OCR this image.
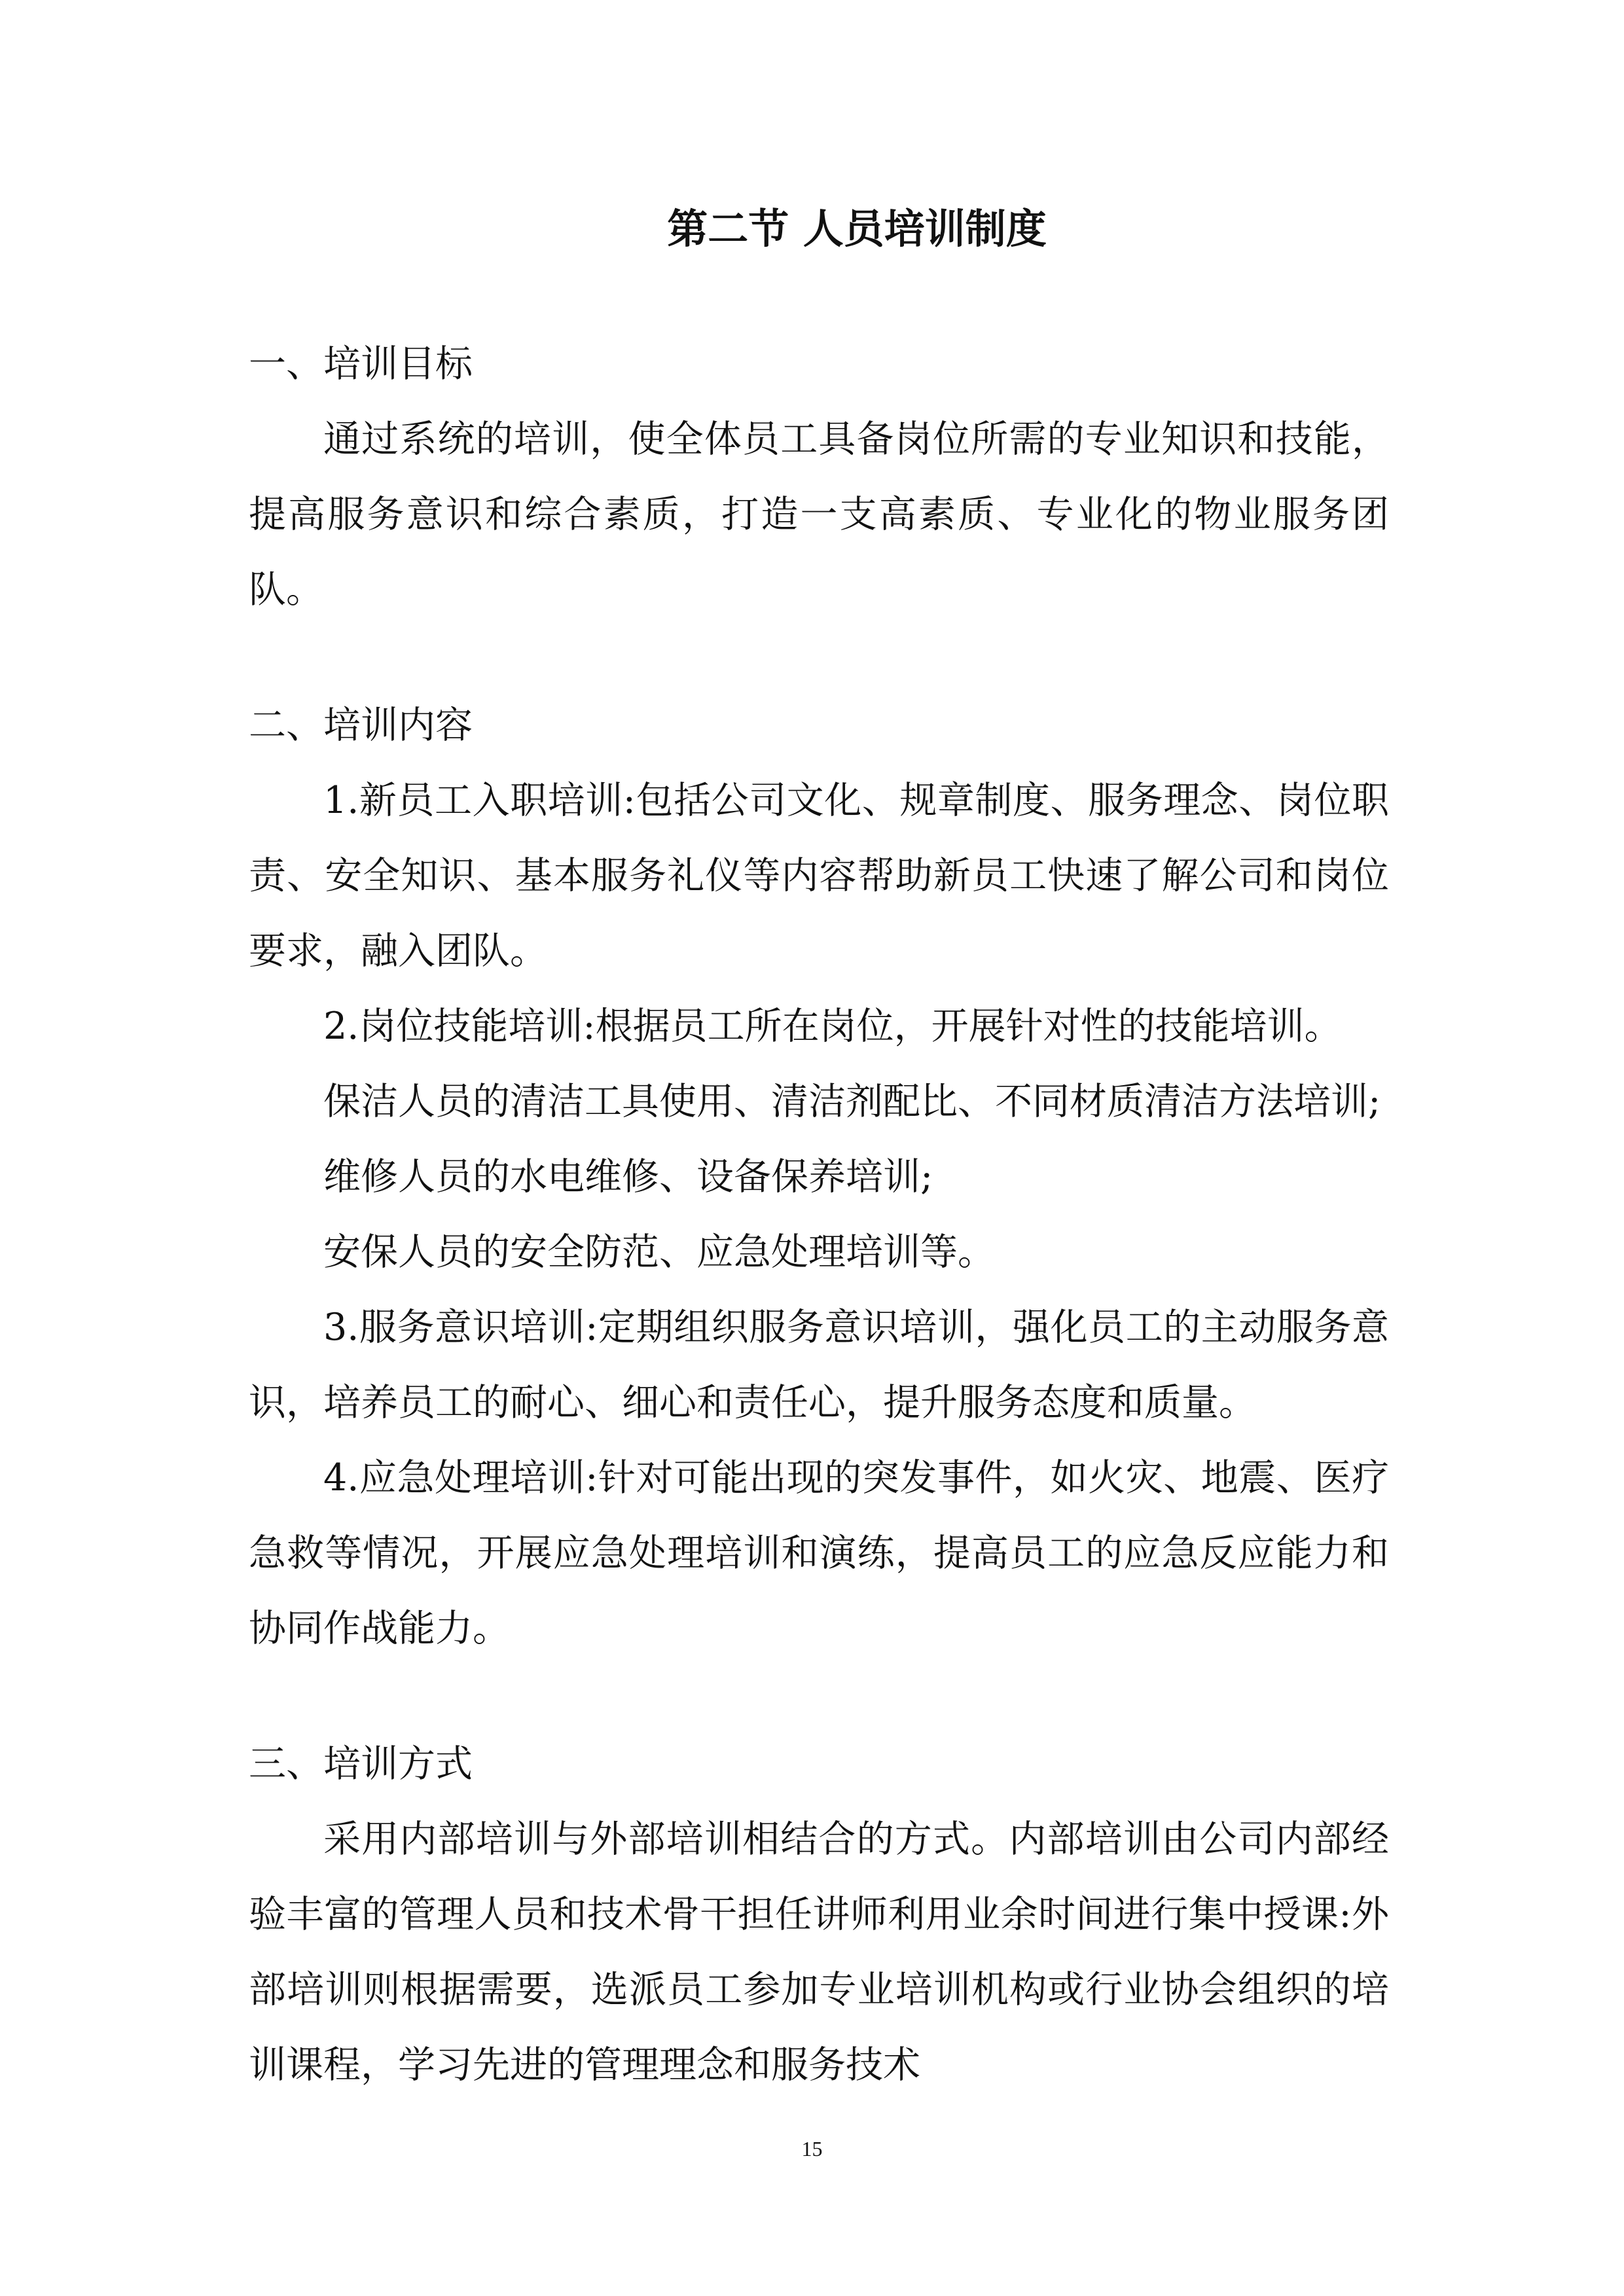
第二节 人员培训制度
一、培训目标

通过系统的培训，使全体员工具备岗位所需的专业知识和技能，提高服务意识和综合素质，打造一支高素质、专业化的物业服务团队。

二、培训内容

1.新员工入职培训:包括公司文化、规章制度、服务理念、岗位职责、安全知识、基本服务礼仪等内容帮助新员工快速了解公司和岗位要求，融入团队。

2.岗位技能培训:根据员工所在岗位，开展针对性的技能培训。

保洁人员的清洁工具使用、清洁剂配比、不同材质清洁方法培训;

维修人员的水电维修、设备保养培训;

安保人员的安全防范、应急处理培训等。

3.服务意识培训:定期组织服务意识培训，强化员工的主动服务意识，培养员工的耐心、细心和责任心，提升服务态度和质量。

4.应急处理培训:针对可能出现的突发事件，如火灾、地震、医疗急救等情况，开展应急处理培训和演练，提高员工的应急反应能力和协同作战能力。

三、培训方式

采用内部培训与外部培训相结合的方式。内部培训由公司内部经验丰富的管理人员和技术骨干担任讲师利用业余时间进行集中授课:外部培训则根据需要，选派员工参加专业培训机构或行业协会组织的培训课程，学习先进的管理理念和服务技术

15
